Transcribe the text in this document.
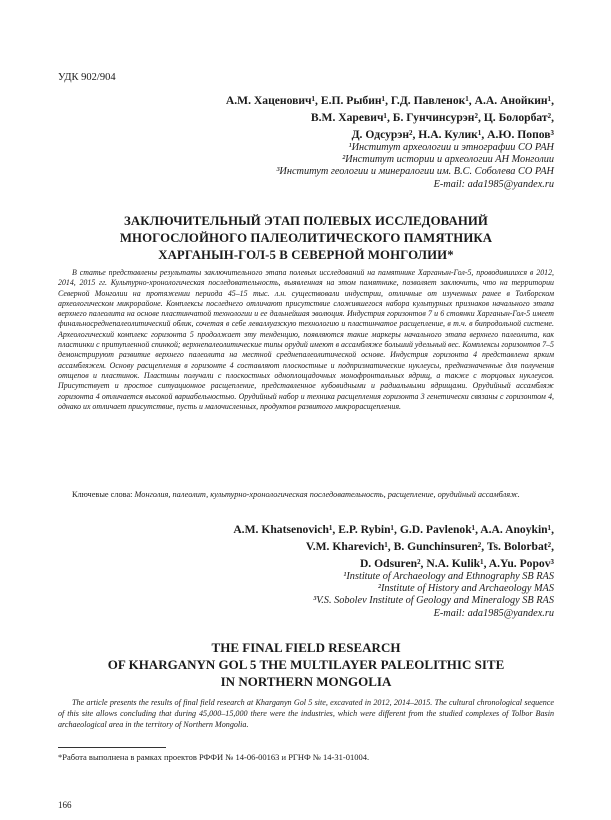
УДК 902/904
А.М. Хаценович¹, Е.П. Рыбин¹, Г.Д. Павленок¹, А.А. Анойкин¹,
В.М. Харевич¹, Б. Гунчинсурэн², Ц. Болорбат²,
Д. Одсурэн², Н.А. Кулик¹, А.Ю. Попов³
¹Институт археологии и этнографии СО РАН
²Институт истории и археологии АН Монголии
³Институт геологии и минералогии им. В.С. Соболева СО РАН
E-mail: ada1985@yandex.ru
ЗАКЛЮЧИТЕЛЬНЫЙ ЭТАП ПОЛЕВЫХ ИССЛЕДОВАНИЙ
МНОГОСЛОЙНОГО ПАЛЕОЛИТИЧЕСКОГО ПАМЯТНИКА
ХАРГАНЫН-ГОЛ-5 В СЕВЕРНОЙ МОНГОЛИИ*

В статье представлены результаты заключительного этапа полевых исследований на памятнике Харганын-Гол-5, проводившихся в 2012, 2014, 2015 гг. Культурно-хронологическая последовательность, выявленная на этом памятнике, позволяет заключить, что на территории Северной Монголии на протяжении периода 45–15 тыс. л.н. существовали индустрии, отличные от изученных ранее в Толборском археологическом микрорайоне. Комплексы последнего отличают присутствие сложившегося набора культурных признаков начального этапа верхнего палеолита на основе пластинчатой технологии и ее дальнейшая эволюция. Индустрия горизонтов 7 и 6 стоянки Харганын-Гол-5 имеет финальносреднепалеолитический облик, сочетая в себе леваллуазскую технологию и пластинчатое расщепление, в т.ч. в бипродольной системе. Археологический комплекс горизонта 5 продолжает эту тенденцию, появляются такие маркеры начального этапа верхнего палеолита, как пластинки с притупленной спинкой; верхнепалеолитические типы орудий имеют в ассамбляже больший удельный вес. Комплексы горизонтов 7–5 демонстрируют развитие верхнего палеолита на местной среднепалеолитической основе. Индустрия горизонта 4 представлена ярким ассамбляжем. Основу расщепления в горизонте 4 составляют плоскостные и подпризматические нуклеусы, предназначенные для получения отщепов и пластинок. Пластины получали с плоскостных одноплощадочных монофронтальных ядрищ, а также с торцовых нуклеусов. Присутствует и простое ситуационное расщепление, представленное кубовидными и радиальными ядрищами. Орудийный ассамбляж горизонта 4 отличается высокой вариабельностью. Орудийный набор и техника расщепления горизонта 3 генетически связаны с горизонтом 4, однако их отличает присутствие, пусть и малочисленных, продуктов развитого микрорасщепления.

Ключевые слова: Монголия, палеолит, культурно-хронологическая последовательность, расщепление, орудийный ассамбляж.

A.M. Khatsenovich¹, E.P. Rybin¹, G.D. Pavlenok¹, A.A. Anoykin¹,
V.M. Kharevich¹, B. Gunchinsuren², Ts. Bolorbat²,
D. Odsuren², N.A. Kulik¹, A.Yu. Popov³
¹Institute of Archaeology and Ethnography SB RAS
²Institute of History and Archaeology MAS
³V.S. Sobolev Institute of Geology and Mineralogy SB RAS
E-mail: ada1985@yandex.ru
THE FINAL FIELD RESEARCH
OF KHARGANYN GOL 5 THE MULTILAYER PALEOLITHIC SITE
IN NORTHERN MONGOLIA

The article presents the results of final field research at Kharganyn Gol 5 site, excavated in 2012, 2014–2015. The cultural chronological sequence of this site allows concluding that during 45,000–15,000 there were the industries, which were different from the studied complexes of Tolbor Basin archaeological area in the territory of Northern Mongolia.

*Работа выполнена в рамках проектов РФФИ № 14-06-00163 и РГНФ № 14-31-01004.
166
